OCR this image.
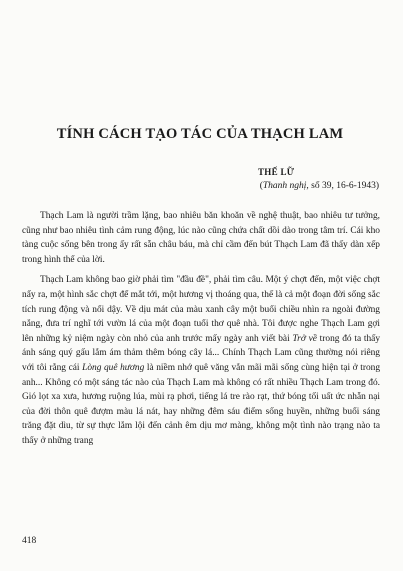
TÍNH CÁCH TẠO TÁC CỦA THẠCH LAM
THẾ LỮ
(Thanh nghị, số 39, 16-6-1943)

Thạch Lam là người trầm lặng, bao nhiêu băn khoăn về nghệ thuật, bao nhiêu tư tưởng, cũng như bao nhiêu tình cảm rung động, lúc nào cũng chứa chất dồi dào trong tâm trí. Cái kho tàng cuộc sống bên trong ấy rất sẵn châu báu, mà chỉ cầm đến bút Thạch Lam đã thấy dàn xếp trong hình thể của lời.

Thạch Lam không bao giờ phải tìm "đầu đề", phải tìm câu. Một ý chợt đến, một việc chợt nẩy ra, một hình sắc chợt để mắt tới, một hương vị thoáng qua, thế là cả một đoạn đời sống sắc tích rung động và nổi dậy. Về dịu mát của màu xanh cây một buổi chiều nhìn ra ngoài đường nắng, đưa trí nghĩ tới vườn lá của một đoạn tuổi thơ quê nhà. Tôi được nghe Thạch Lam gợi lên những kỷ niệm ngày còn nhỏ của anh trước mấy ngày anh viết bài Trở về trong đó ta thấy ánh sáng quý gấu lắm ám thảm thêm bóng cây lá... Chính Thạch Lam cũng thường nói riêng với tôi rằng cái Lòng quê hương là niềm nhớ quê văng vẳn mãi mãi sống cùng hiện tại ở trong anh... Không có một sáng tác nào của Thạch Lam mà không có rất nhiều Thạch Lam trong đó. Gió lọt xa xưa, hương ruộng lúa, mùi rạ phơi, tiếng lá tre rào rạt, thứ bóng tối uất ức nhẵn nại của đời thôn quê đượm màu lá nát, hay những đêm sáu điểm sống huyền, những buổi sáng trăng đặt dìu, từ sự thực lắm lội đến cảnh êm dịu mơ màng, không một tình nào trạng nào ta thấy ở những trang

418
